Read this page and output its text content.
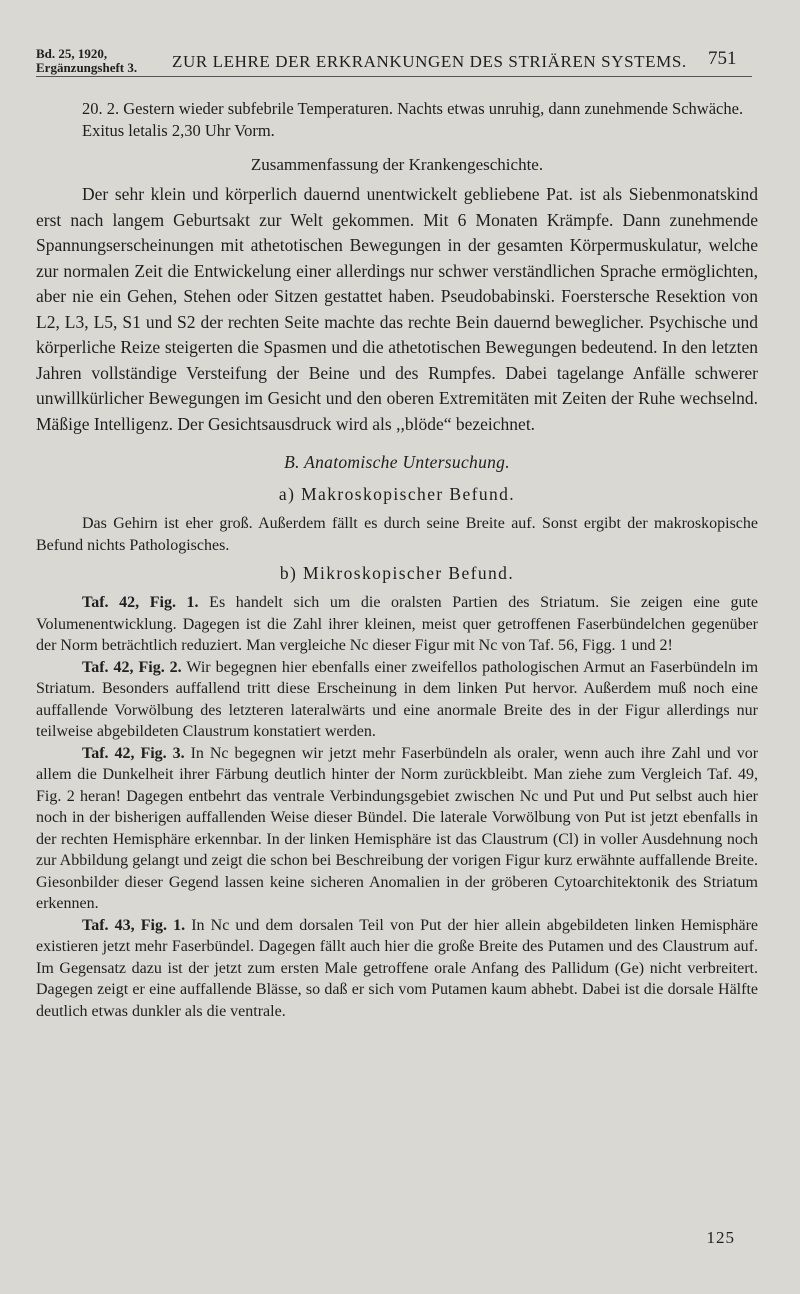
Bd. 25, 1920,
Ergänzungsheft 3. ZUR LEHRE DER ERKRANKUNGEN DES STRIÄREN SYSTEMS. 751

20. 2. Gestern wieder subfebrile Temperaturen. Nachts etwas unruhig, dann zunehmende Schwäche.

Exitus letalis 2,30 Uhr Vorm.

Zusammenfassung der Krankengeschichte.

Der sehr klein und körperlich dauernd unentwickelt gebliebene Pat. ist als Siebenmonatskind erst nach langem Geburtsakt zur Welt gekommen. Mit 6 Monaten Krämpfe. Dann zunehmende Spannungserscheinungen mit athetotischen Bewegungen in der gesamten Körpermuskulatur, welche zur normalen Zeit die Entwickelung einer allerdings nur schwer verständlichen Sprache ermöglichten, aber nie ein Gehen, Stehen oder Sitzen gestattet haben. Pseudobabinski. Foerstersche Resektion von L2, L3, L5, S1 und S2 der rechten Seite machte das rechte Bein dauernd beweglicher. Psychische und körperliche Reize steigerten die Spasmen und die athetotischen Bewegungen bedeutend. In den letzten Jahren vollständige Versteifung der Beine und des Rumpfes. Dabei tagelange Anfälle schwerer unwillkürlicher Bewegungen im Gesicht und den oberen Extremitäten mit Zeiten der Ruhe wechselnd. Mäßige Intelligenz. Der Gesichtsausdruck wird als ,,blöde“ bezeichnet.

B. Anatomische Untersuchung.
a) Makroskopischer Befund.

Das Gehirn ist eher groß. Außerdem fällt es durch seine Breite auf. Sonst ergibt der makroskopische Befund nichts Pathologisches.

b) Mikroskopischer Befund.

Taf. 42, Fig. 1. Es handelt sich um die oralsten Partien des Striatum. Sie zeigen eine gute Volumenentwicklung. Dagegen ist die Zahl ihrer kleinen, meist quer getroffenen Faserbündelchen gegenüber der Norm beträchtlich reduziert. Man vergleiche Nc dieser Figur mit Nc von Taf. 56, Figg. 1 und 2!

Taf. 42, Fig. 2. Wir begegnen hier ebenfalls einer zweifellos pathologischen Armut an Faserbündeln im Striatum. Besonders auffallend tritt diese Erscheinung in dem linken Put hervor. Außerdem muß noch eine auffallende Vorwölbung des letzteren lateralwärts und eine anormale Breite des in der Figur allerdings nur teilweise abgebildeten Claustrum konstatiert werden.

Taf. 42, Fig. 3. In Nc begegnen wir jetzt mehr Faserbündeln als oraler, wenn auch ihre Zahl und vor allem die Dunkelheit ihrer Färbung deutlich hinter der Norm zurückbleibt. Man ziehe zum Vergleich Taf. 49, Fig. 2 heran! Dagegen entbehrt das ventrale Verbindungsgebiet zwischen Nc und Put und Put selbst auch hier noch in der bisherigen auffallenden Weise dieser Bündel. Die laterale Vorwölbung von Put ist jetzt ebenfalls in der rechten Hemisphäre erkennbar. In der linken Hemisphäre ist das Claustrum (Cl) in voller Ausdehnung noch zur Abbildung gelangt und zeigt die schon bei Beschreibung der vorigen Figur kurz erwähnte auffallende Breite. Giesonbilder dieser Gegend lassen keine sicheren Anomalien in der gröberen Cytoarchitektonik des Striatum erkennen.

Taf. 43, Fig. 1. In Nc und dem dorsalen Teil von Put der hier allein abgebildeten linken Hemisphäre existieren jetzt mehr Faserbündel. Dagegen fällt auch hier die große Breite des Putamen und des Claustrum auf. Im Gegensatz dazu ist der jetzt zum ersten Male getroffene orale Anfang des Pallidum (Ge) nicht verbreitert. Dagegen zeigt er eine auffallende Blässe, so daß er sich vom Putamen kaum abhebt. Dabei ist die dorsale Hälfte deutlich etwas dunkler als die ventrale.

125
